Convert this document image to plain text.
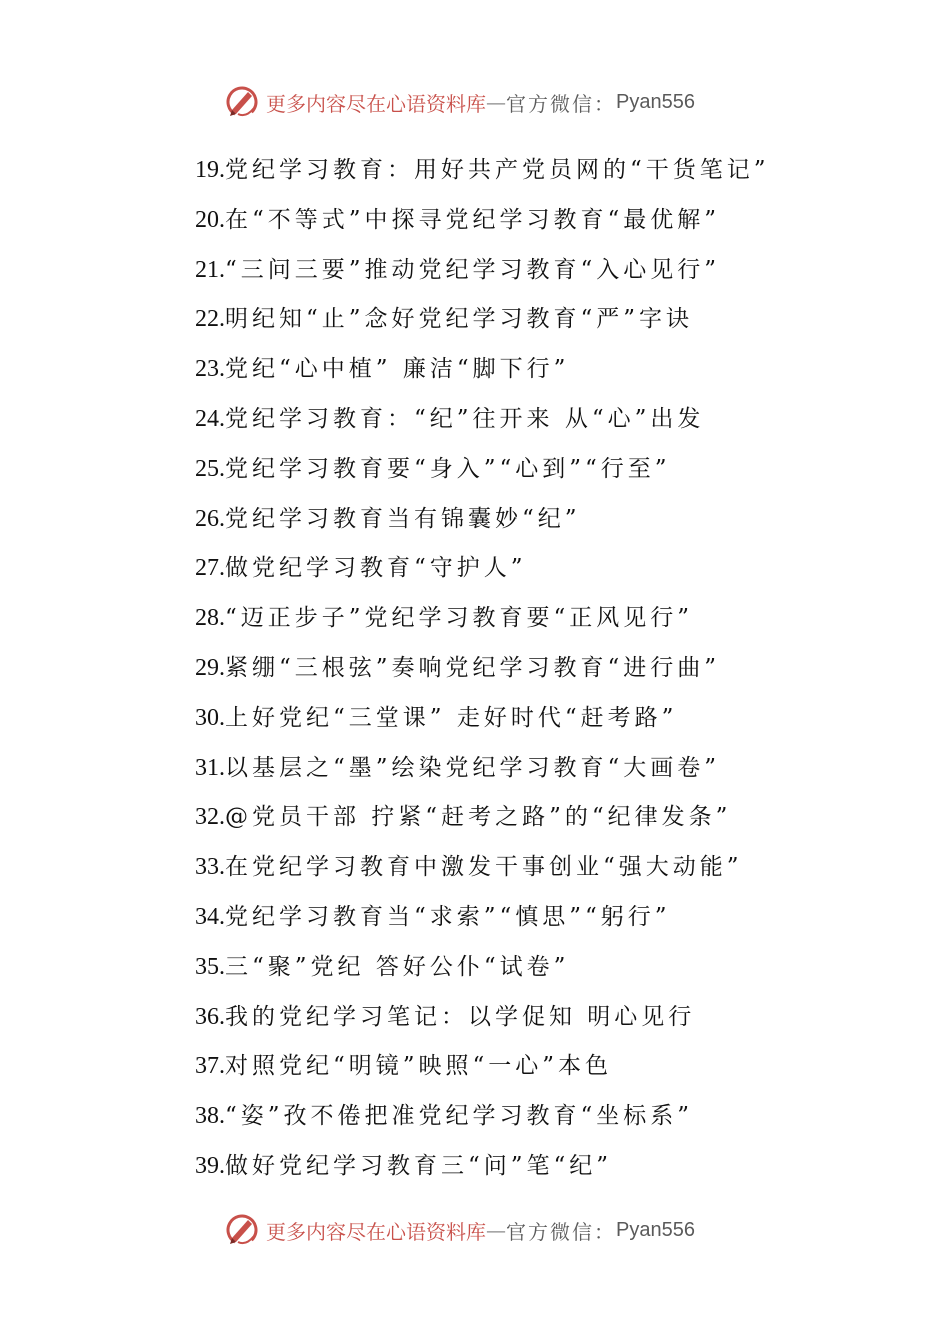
更多内容尽在心语资料库 — 官方微信： Pyan556
19.党纪学习教育：用好共产党员网的“干货笔记”
20.在“不等式”中探寻党纪学习教育“最优解”
21.“三问三要”推动党纪学习教育“入心见行”
22.明纪知“止”念好党纪学习教育“严”字诀
23.党纪“心中植” 廉洁“脚下行”
24.党纪学习教育：“纪”往开来 从“心”出发
25.党纪学习教育要“身入”“心到”“行至”
26.党纪学习教育当有锦囊妙“纪”
27.做党纪学习教育“守护人”
28.“迈正步子”党纪学习教育要“正风见行”
29.紧绷“三根弦”奏响党纪学习教育“进行曲”
30.上好党纪“三堂课” 走好时代“赶考路”
31.以基层之“墨”绘染党纪学习教育“大画卷”
32.@党员干部 拧紧“赶考之路”的“纪律发条”
33.在党纪学习教育中激发干事创业“强大动能”
34.党纪学习教育当“求索”“慎思”“躬行”
35.三“聚”党纪 答好公仆“试卷”
36.我的党纪学习笔记：以学促知 明心见行
37.对照党纪“明镜”映照“一心”本色
38.“姿”孜不倦把准党纪学习教育“坐标系”
39.做好党纪学习教育三“问”笔“纪”
更多内容尽在心语资料库 — 官方微信： Pyan556
